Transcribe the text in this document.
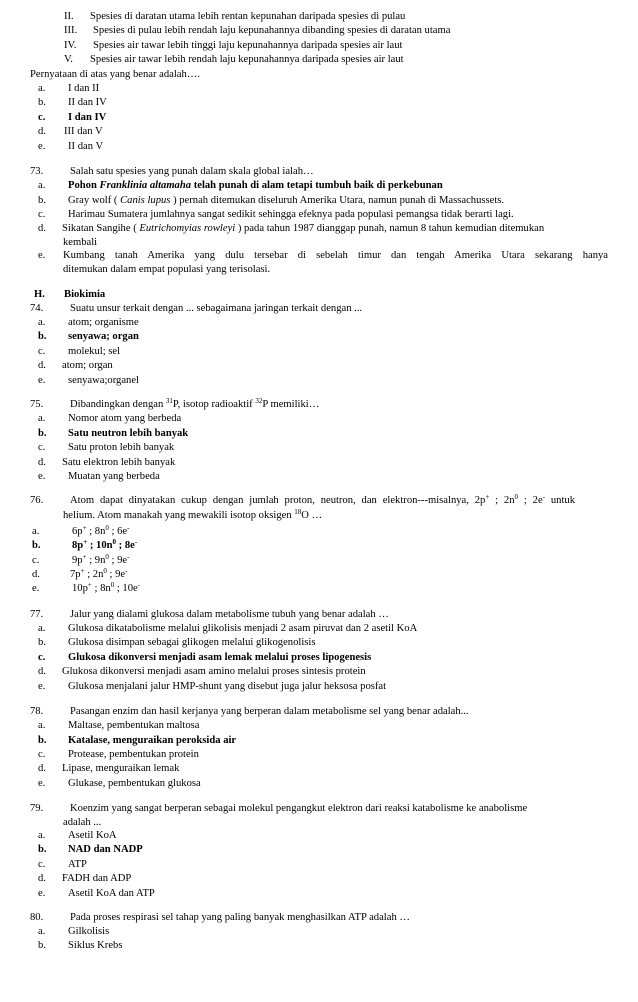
II. Spesies di daratan utama lebih rentan kepunahan daripada spesies di pulau
III. Spesies di pulau lebih rendah laju kepunahannya dibanding spesies di daratan utama
IV. Spesies air tawar lebih tinggi laju kepunahannya daripada spesies air laut
V. Spesies air tawar lebih rendah laju kepunahannya daripada spesies air laut
Pernyataan di atas yang benar adalah….
a. I dan II
b. II dan IV
c. I dan IV
d. III dan V
e. II dan V
73.	Salah satu spesies yang punah dalam skala global ialah…
a. Pohon Franklinia altamaha telah punah di alam tetapi tumbuh baik di perkebunan
b. Gray wolf ( Canis lupus ) pernah ditemukan diseluruh Amerika Utara, namun punah di Massachussets.
c. Harimau Sumatera jumlahnya sangat sedikit sehingga efeknya pada populasi pemangsa tidak berarti lagi.
d. Sikatan Sangihe ( Eutrichomyias rowleyi ) pada tahun 1987 dianggap punah, namun 8 tahun kemudian ditemukan
kembali
e. Kumbang tanah Amerika yang dulu tersebar di sebelah timur dan tengah Amerika Utara sekarang hanya
ditemukan dalam empat populasi yang terisolasi.
H. Biokimia
74.	Suatu unsur terkait dengan ... sebagaimana jaringan terkait dengan ...
a. atom; organisme
b. senyawa; organ
c. molekul; sel
d. atom; organ
e. senyawa;organel
75.	Dibandingkan dengan $^{31}$P, isotop radioaktif $^{32}$P memiliki…
a. Nomor atom yang berbeda
b. Satu neutron lebih banyak
c. Satu proton lebih banyak
d. Satu elektron lebih banyak
e. Muatan yang berbeda
76.	Atom dapat dinyatakan cukup dengan jumlah proton, neutron, dan elektron---misalnya, 2p+ ; $2n^0$ ; 2e- untuk
helium. Atom manakah yang mewakili isotop oksigen $^{18}$O …
a.	6p+ ; $8n^0$ ; 6e-
b.	8p+ ; $10n^0$ ; 8e-
c.	9p+ ; $9n^0$ ; 9e-
d.	7p+ ; $2n^0$ ; 9e-
e.	10p+ ; $8n^0$ ; 10e-
77.	Jalur yang dialami glukosa dalam metabolisme tubuh yang benar adalah …
a. Glukosa dikatabolisme melalui glikolisis menjadi 2 asam piruvat dan 2 asetil KoA
b. Glukosa disimpan sebagai glikogen melalui glikogenolisis
c. Glukosa dikonversi menjadi asam lemak melalui proses lipogenesis
d. Glukosa dikonversi menjadi asam amino melalui proses sintesis protein
e. Glukosa menjalani jalur HMP-shunt yang disebut juga jalur heksosa posfat
78.	Pasangan enzim dan hasil kerjanya yang berperan dalam metabolisme sel yang benar adalah...
a. Maltase, pembentukan maltosa
b. Katalase, menguraikan peroksida air
c. Protease, pembentukan protein
d. Lipase, menguraikan lemak
e. Glukase, pembentukan glukosa
79.	Koenzim yang sangat berperan sebagai molekul pengangkut elektron dari reaksi katabolisme ke anabolisme
adalah ...
a. Asetil KoA
b. NAD dan NADP
c. ATP
d. FADH dan ADP
e. Asetil KoA dan ATP
80.	Pada proses respirasi sel tahap yang paling banyak menghasilkan ATP adalah …
a. Gilkolisis
b. Siklus Krebs
